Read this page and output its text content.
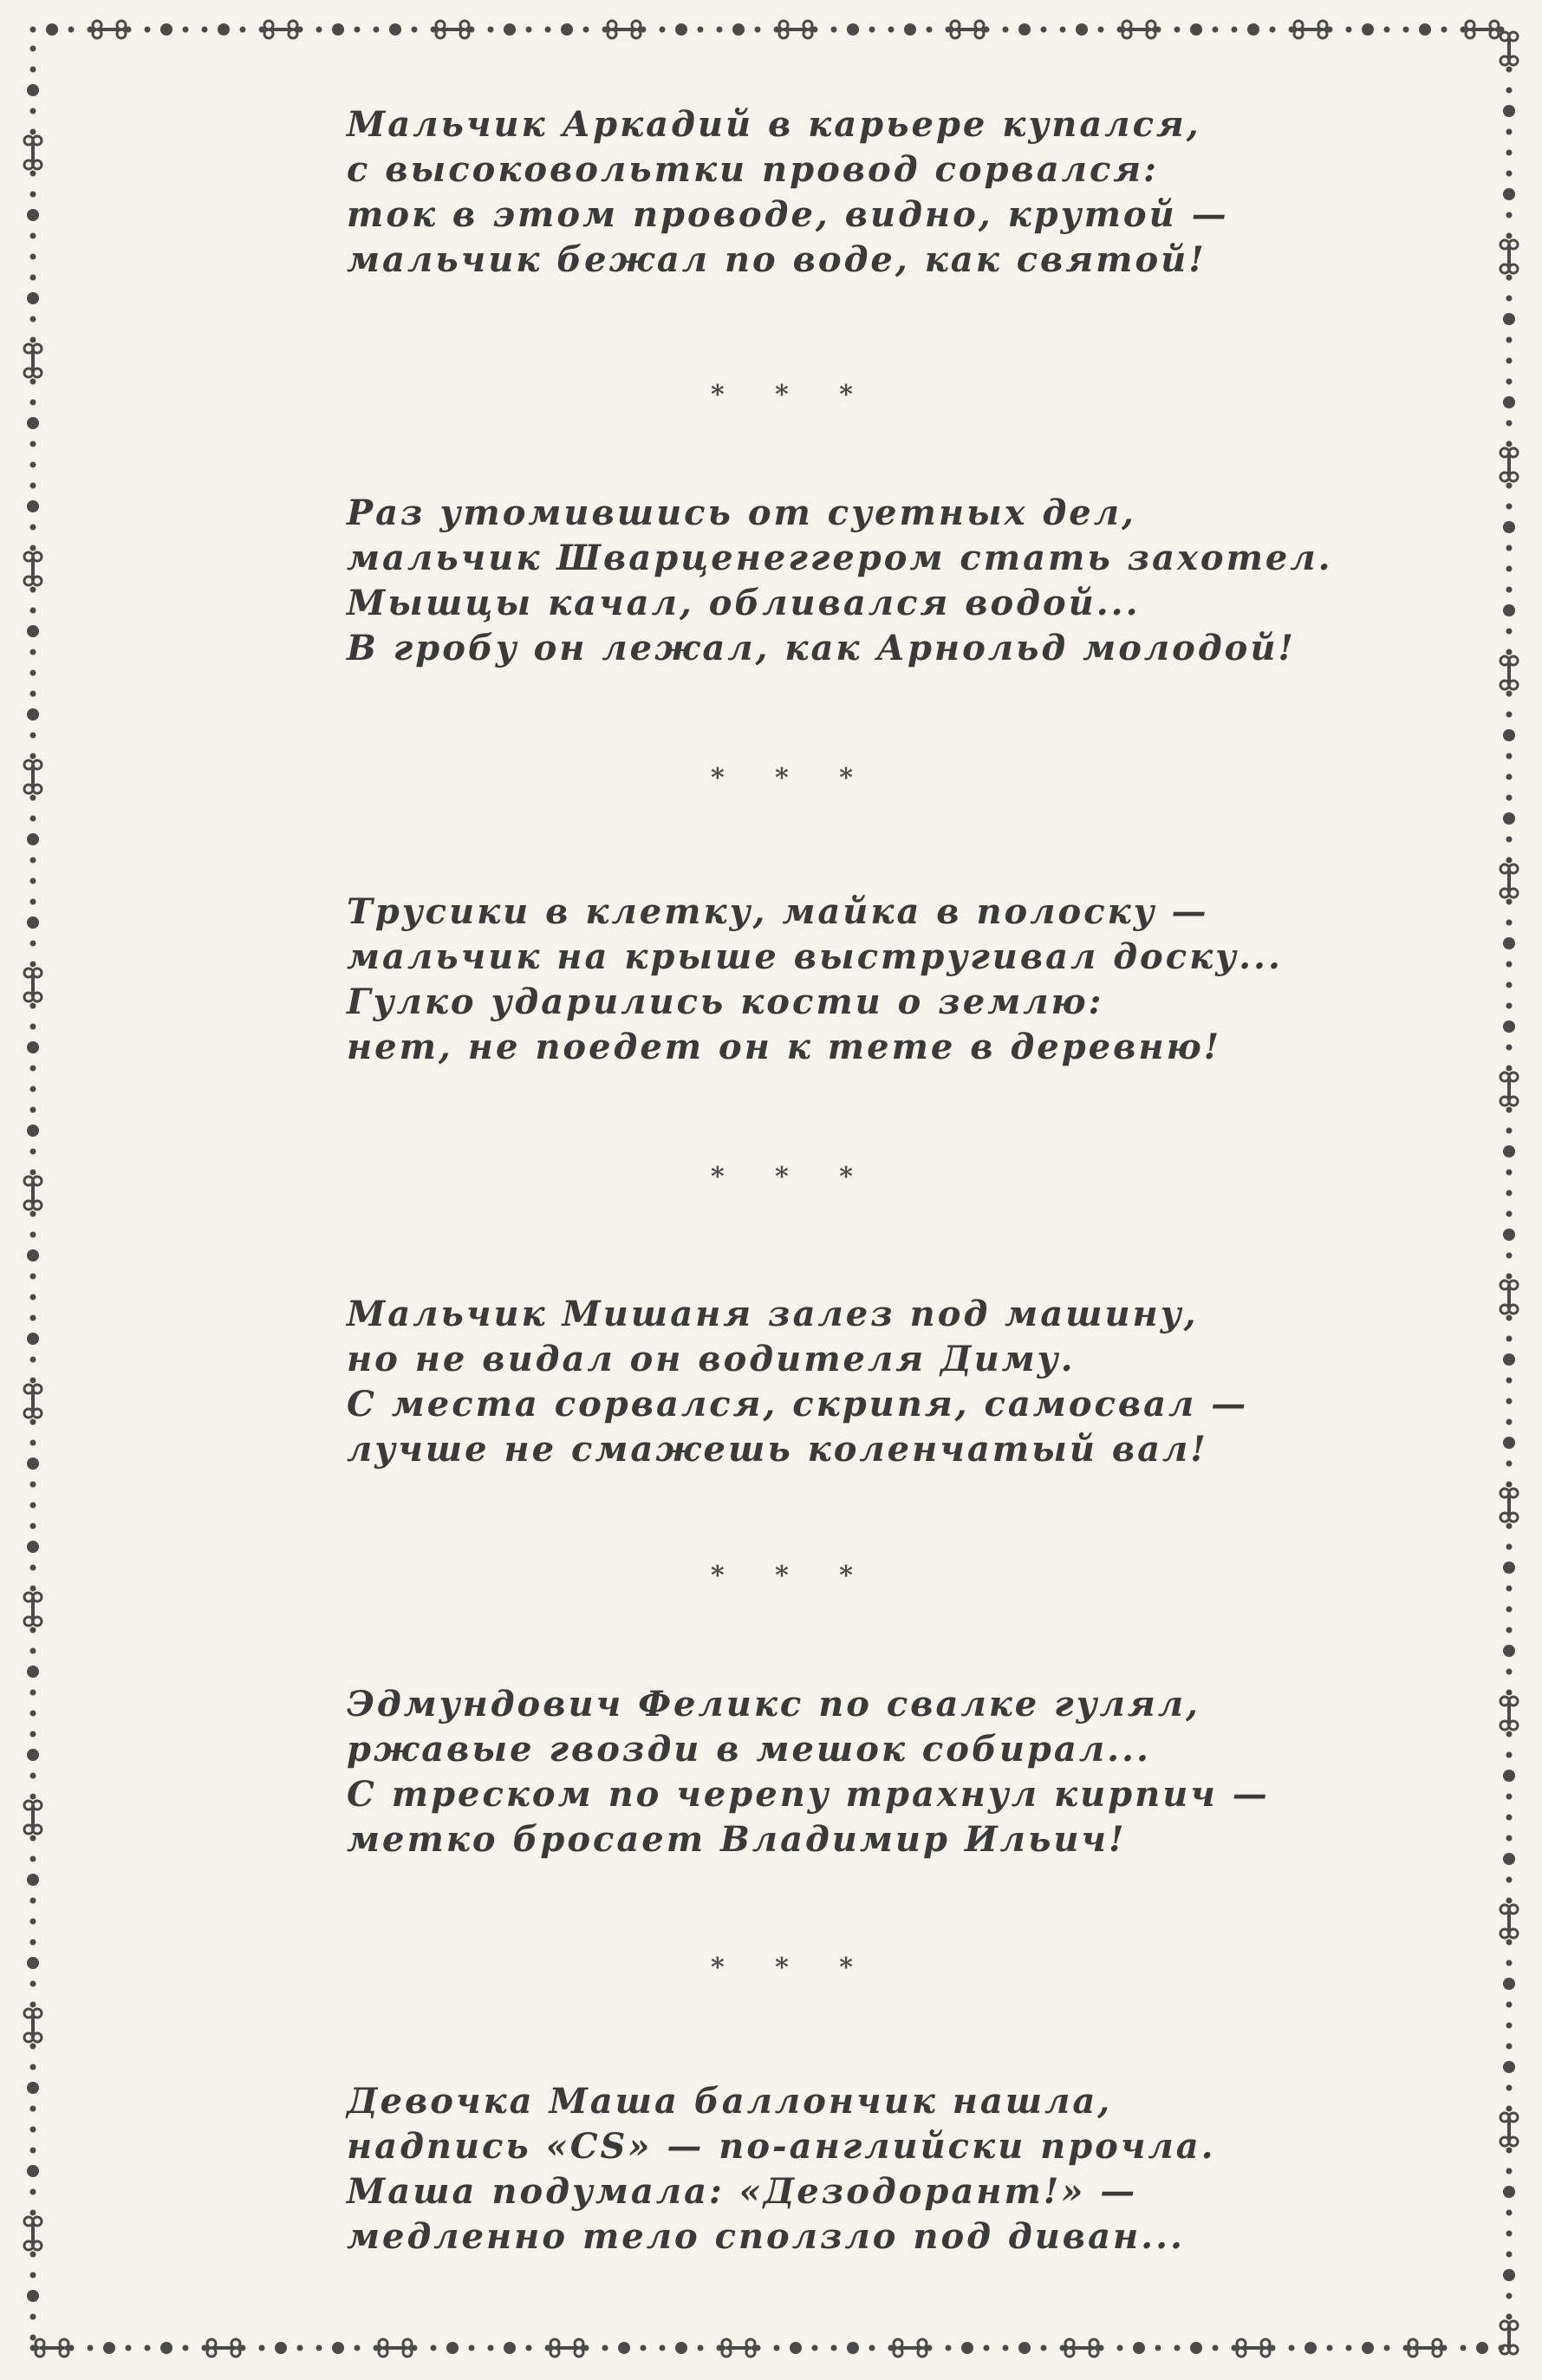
Мальчик Аркадий в карьере купался,
с высоковольтки провод сорвался:
ток в этом проводе, видно, крутой —
мальчик бежал по воде, как святой!
* * *
Раз утомившись от суетных дел,
мальчик Шварценеггером стать захотел.
Мышцы качал, обливался водой...
В гробу он лежал, как Арнольд молодой!
* * *
Трусики в клетку, майка в полоску —
мальчик на крыше выстругивал доску...
Гулко ударились кости о землю:
нет, не поедет он к тете в деревню!
* * *
Мальчик Мишаня залез под машину,
но не видал он водителя Диму.
С места сорвался, скрипя, самосвал —
лучше не смажешь коленчатый вал!
* * *
Эдмундович Феликс по свалке гулял,
ржавые гвозди в мешок собирал...
С треском по черепу трахнул кирпич —
метко бросает Владимир Ильич!
* * *
Девочка Маша баллончик нашла,
надпись «CS» — по-английски прочла.
Маша подумала: «Дезодорант!» —
медленно тело сползло под диван...
